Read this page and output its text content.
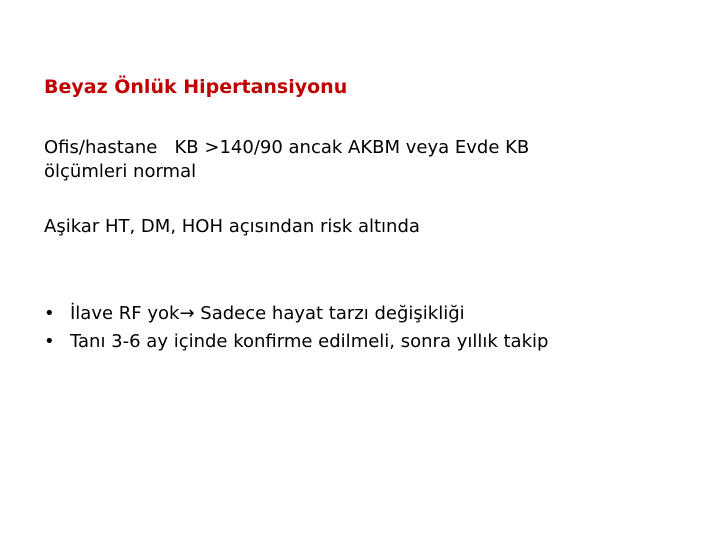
Beyaz Önlük Hipertansiyonu
Ofis/hastane   KB >140/90 ancak AKBM veya Evde KB
ölçümleri normal
Aşikar HT, DM, HOH açısından risk altında
• İlave RF yok→ Sadece hayat tarzı değişikliği
• Tanı 3-6 ay içinde konfirme edilmeli, sonra yıllık takip
